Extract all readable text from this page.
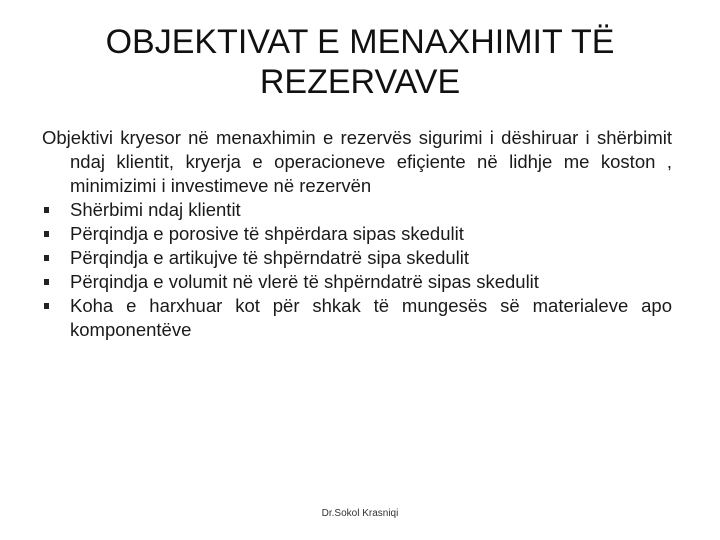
OBJEKTIVAT E MENAXHIMIT TË REZERVAVE

Objektivi kryesor në menaxhimin e rezervës sigurimi i dëshiruar i shërbimit ndaj klientit, kryerja e operacioneve efiçiente në lidhje me koston , minimizimi i investimeve në rezervën

Shërbimi ndaj klientit
Përqindja e porosive të shpërdara sipas skedulit
Përqindja e artikujve të shpërndatrë sipa skedulit
Përqindja e volumit në vlerë të shpërndatrë sipas skedulit
Koha e harxhuar kot për shkak të mungesës së materialeve apo komponentëve
Dr.Sokol Krasniqi
